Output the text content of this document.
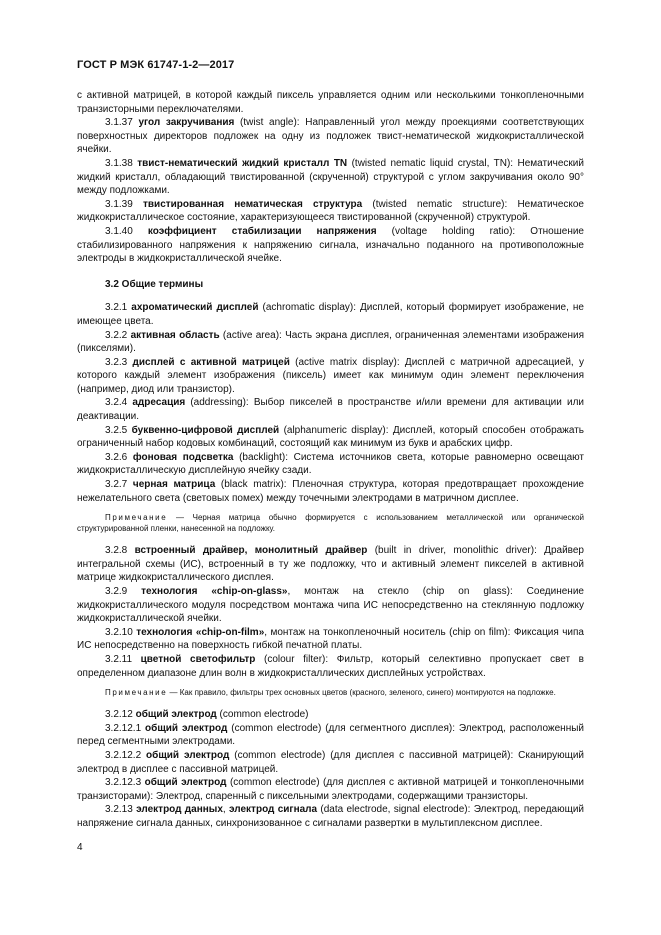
ГОСТ Р МЭК 61747-1-2—2017

с активной матрицей, в которой каждый пиксель управляется одним или несколькими тонкопленочными транзисторными переключателями.

3.1.37 угол закручивания (twist angle): Направленный угол между проекциями соответствующих поверхностных директоров подложек на одну из подложек твист-нематической жидкокристаллической ячейки.

3.1.38 твист-нематический жидкий кристалл TN (twisted nematic liquid crystal, TN): Нематический жидкий кристалл, обладающий твистированной (скрученной) структурой с углом закручивания около 90° между подложками.

3.1.39 твистированная нематическая структура (twisted nematic structure): Нематическое жидкокристаллическое состояние, характеризующееся твистированной (скрученной) структурой.

3.1.40 коэффициент стабилизации напряжения (voltage holding ratio): Отношение стабилизированного напряжения к напряжению сигнала, изначально поданного на противоположные электроды в жидкокристаллической ячейке.

3.2 Общие термины

3.2.1 ахроматический дисплей (achromatic display): Дисплей, который формирует изображение, не имеющее цвета.

3.2.2 активная область (active area): Часть экрана дисплея, ограниченная элементами изображения (пикселями).

3.2.3 дисплей с активной матрицей (active matrix display): Дисплей с матричной адресацией, у которого каждый элемент изображения (пиксель) имеет как минимум один элемент переключения (например, диод или транзистор).

3.2.4 адресация (addressing): Выбор пикселей в пространстве и/или времени для активации или деактивации.

3.2.5 буквенно-цифровой дисплей (alphanumeric display): Дисплей, который способен отображать ограниченный набор кодовых комбинаций, состоящий как минимум из букв и арабских цифр.

3.2.6 фоновая подсветка (backlight): Система источников света, которые равномерно освещают жидкокристаллическую дисплейную ячейку сзади.

3.2.7 черная матрица (black matrix): Пленочная структура, которая предотвращает прохождение нежелательного света (световых помех) между точечными электродами в матричном дисплее.

Примечание — Черная матрица обычно формируется с использованием металлической или органической структурированной пленки, нанесенной на подложку.

3.2.8 встроенный драйвер, монолитный драйвер (built in driver, monolithic driver): Драйвер интегральной схемы (ИС), встроенный в ту же подложку, что и активный элемент пикселей в активной матрице жидкокристаллического дисплея.

3.2.9 технология «chip-on-glass», монтаж на стекло (chip on glass): Соединение жидкокристаллического модуля посредством монтажа чипа ИС непосредственно на стеклянную подложку жидкокристаллической ячейки.

3.2.10 технология «chip-on-film», монтаж на тонкопленочный носитель (chip on film): Фиксация чипа ИС непосредственно на поверхность гибкой печатной платы.

3.2.11 цветной светофильтр (colour filter): Фильтр, который селективно пропускает свет в определенном диапазоне длин волн в жидкокристаллических дисплейных устройствах.

Примечание — Как правило, фильтры трех основных цветов (красного, зеленого, синего) монтируются на подложке.

3.2.12 общий электрод (common electrode)

3.2.12.1 общий электрод (common electrode) (для сегментного дисплея): Электрод, расположенный перед сегментными электродами.

3.2.12.2 общий электрод (common electrode) (для дисплея с пассивной матрицей): Сканирующий электрод в дисплее с пассивной матрицей.

3.2.12.3 общий электрод (common electrode) (для дисплея с активной матрицей и тонкопленочными транзисторами): Электрод, спаренный с пиксельными электродами, содержащими транзисторы.

3.2.13 электрод данных, электрод сигнала (data electrode, signal electrode): Электрод, передающий напряжение сигнала данных, синхронизованное с сигналами развертки в мультиплексном дисплее.

4
